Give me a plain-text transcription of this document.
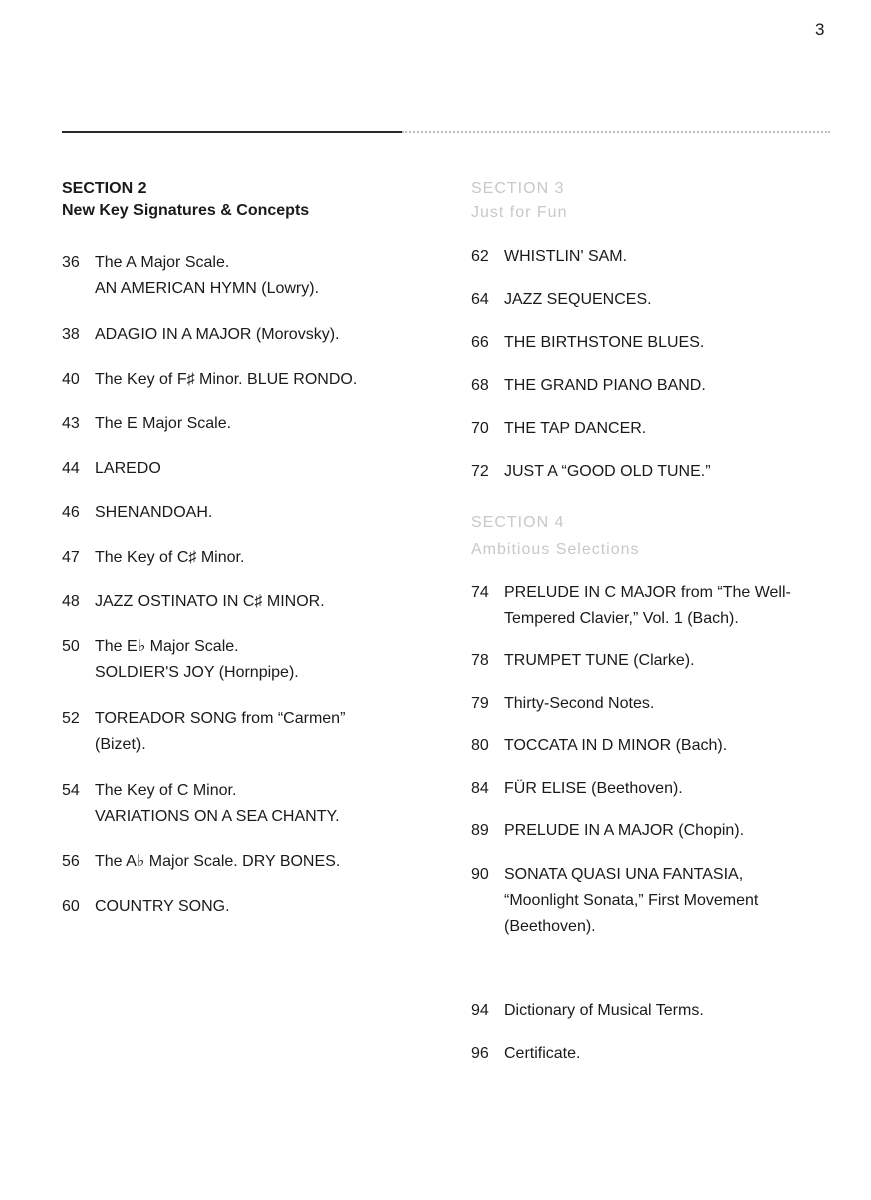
3
SECTION 2
New Key Signatures & Concepts
36 The A Major Scale.
AN AMERICAN HYMN (Lowry).
38 ADAGIO IN A MAJOR (Morovsky).
40 The Key of F♯ Minor. BLUE RONDO.
43 The E Major Scale.
44 LAREDO
46 SHENANDOAH.
47 The Key of C♯ Minor.
48 JAZZ OSTINATO IN C♯ MINOR.
50 The E♭ Major Scale.
SOLDIER'S JOY (Hornpipe).
52 TOREADOR SONG from “Carmen”
(Bizet).
54 The Key of C Minor.
VARIATIONS ON A SEA CHANTY.
56 The A♭ Major Scale. DRY BONES.
60 COUNTRY SONG.
SECTION 3
Just for Fun
62 WHISTLIN' SAM.
64 JAZZ SEQUENCES.
66 THE BIRTHSTONE BLUES.
68 THE GRAND PIANO BAND.
70 THE TAP DANCER.
72 JUST A “GOOD OLD TUNE.”
SECTION 4
Ambitious Selections
74 PRELUDE IN C MAJOR from “The Well-
Tempered Clavier,” Vol. 1 (Bach).
78 TRUMPET TUNE (Clarke).
79 Thirty-Second Notes.
80 TOCCATA IN D MINOR (Bach).
84 FÜR ELISE (Beethoven).
89 PRELUDE IN A MAJOR (Chopin).
90 SONATA QUASI UNA FANTASIA,
“Moonlight Sonata,” First Movement
(Beethoven).
94 Dictionary of Musical Terms.
96 Certificate.
